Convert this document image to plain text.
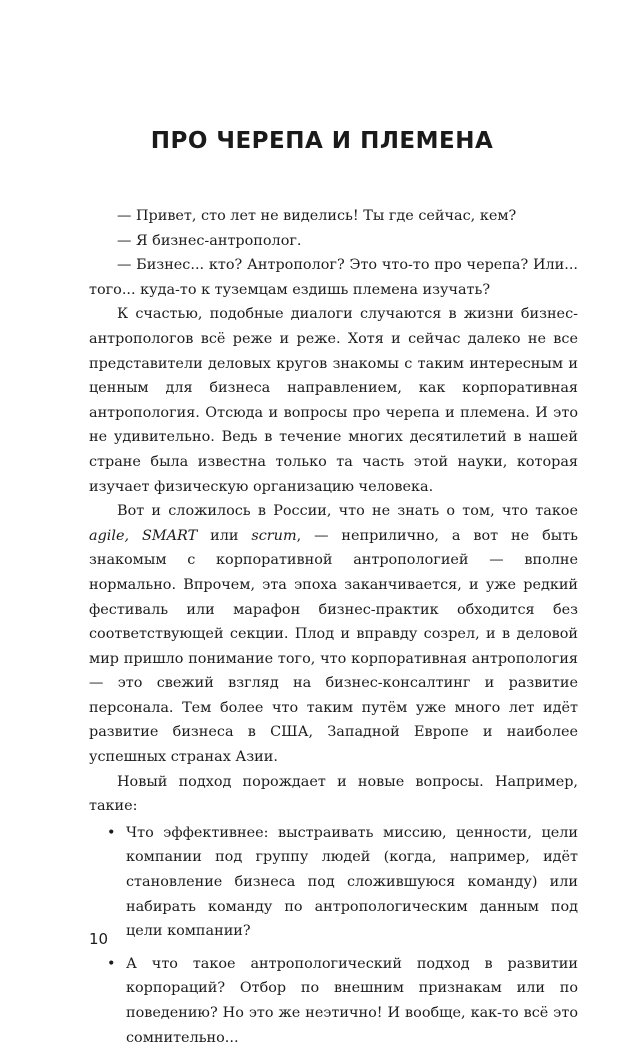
ПРО ЧЕРЕПА И ПЛЕМЕНА

— Привет, сто лет не виделись! Ты где сейчас, кем?

— Я бизнес-антрополог.

— Бизнес... кто? Антрополог? Это что-то про черепа? Или... того... куда-то к туземцам ездишь племена изучать?

К счастью, подобные диалоги случаются в жизни бизнес-антропологов всё реже и реже. Хотя и сейчас далеко не все представители деловых кругов знакомы с таким интересным и ценным для бизнеса направлением, как корпоративная антропология. Отсюда и вопросы про черепа и племена. И это не удивительно. Ведь в течение многих десятилетий в нашей стране была известна только та часть этой науки, которая изучает физическую организацию человека.

Вот и сложилось в России, что не знать о том, что такое agile, SMART или scrum, — неприлично, а вот не быть знакомым с корпоративной антропологией — вполне нормально. Впрочем, эта эпоха заканчивается, и уже редкий фестиваль или марафон бизнес-практик обходится без соответствующей секции. Плод и вправду созрел, и в деловой мир пришло понимание того, что корпоративная антропология — это свежий взгляд на бизнес-консалтинг и развитие персонала. Тем более что таким путём уже много лет идёт развитие бизнеса в США, Западной Европе и наиболее успешных странах Азии.

Новый подход порождает и новые вопросы. Например, такие:

• Что эффективнее: выстраивать миссию, ценности, цели компании под группу людей (когда, например, идёт становление бизнеса под сложившуюся команду) или набирать команду по антропологическим данным под цели компании?
• А что такое антропологический подход в развитии корпораций? Отбор по внешним признакам или по поведению? Но это же неэтично! И вообще, как-то всё это сомнительно...
10
